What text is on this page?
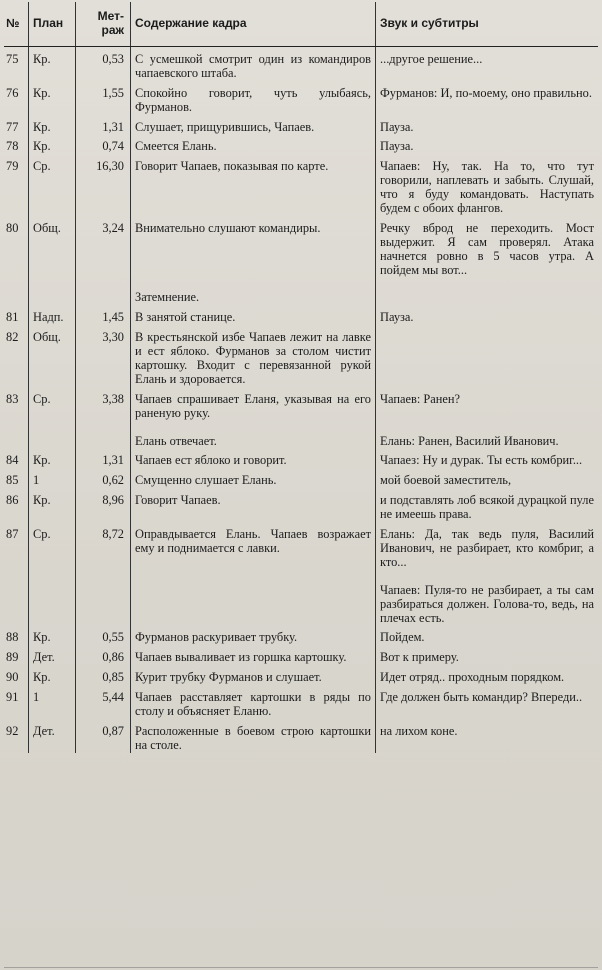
№	План	Мет-
раж	Содержание кадра	Звук и субтитры
75	Кр.	0,53	С усмешкой смотрит один из командиров чапаевского штаба.	...другое решение...
76	Кр.	1,55	Спокойно говорит, чуть улыбаясь, Фурманов.	Фурманов: И, по-моему, оно правильно.
77	Кр.	1,31	Слушает, прищурившись, Чапаев.	Пауза.
78	Кр.	0,74	Смеется Елань.	Пауза.
79	Ср.	16,30	Говорит Чапаев, показывая по карте.	Чапаев: Ну, так. На то, что тут говорили, наплевать и забыть. Слушай, что я буду командовать. Наступать будем с обоих флангов.
80	Общ.	3,24	Внимательно слушают командиры.	Речку вброд не переходить. Мост выдержит. Я сам проверял. Атака начнется ровно в 5 часов утра. А пойдем мы вот...
			Затемнение.	
81	Надп.	1,45	В занятой станице.	Пауза.
82	Общ.	3,30	В крестьянской избе Чапаев лежит на лавке и ест яблоко. Фурманов за столом чистит картошку. Входит с перевязанной рукой Елань и здоровается.	
83	Ср.	3,38	Чапаев спрашивает Еланя, указывая на его раненую руку.	Чапаев: Ранен?
			Елань отвечает.	Елань: Ранен, Василий Иванович.
84	Кр.	1,31	Чапаев ест яблоко и говорит.	Чапаез: Ну и дурак. Ты есть комбриг...
85	1	0,62	Смущенно слушает Елань.	мой боевой заместитель,
86	Кр.	8,96	Говорит Чапаев.	и подставлять лоб всякой дурацкой пуле не имеешь права.
87	Ср.	8,72	Оправдывается Елань. Чапаев возражает ему и поднимается с лавки.	Елань: Да, так ведь пуля, Василий Иванович, не разбирает, кто комбриг, а кто...
				Чапаев: Пуля-то не разбирает, а ты сам разбираться должен. Голова-то, ведь, на плечах есть.
88	Кр.	0,55	Фурманов раскуривает трубку.	Пойдем.
89	Дет.	0,86	Чапаев вываливает из горшка картошку.	Вот к примеру.
90	Кр.	0,85	Курит трубку Фурманов и слушает.	Идет отряд.. проходным порядком.
91	1	5,44	Чапаев расставляет картошки в ряды по столу и объясняет Еланю.	Где должен быть командир? Впереди..
92	Дет.	0,87	Расположенные в боевом строю картошки на столе.	на лихом коне.
